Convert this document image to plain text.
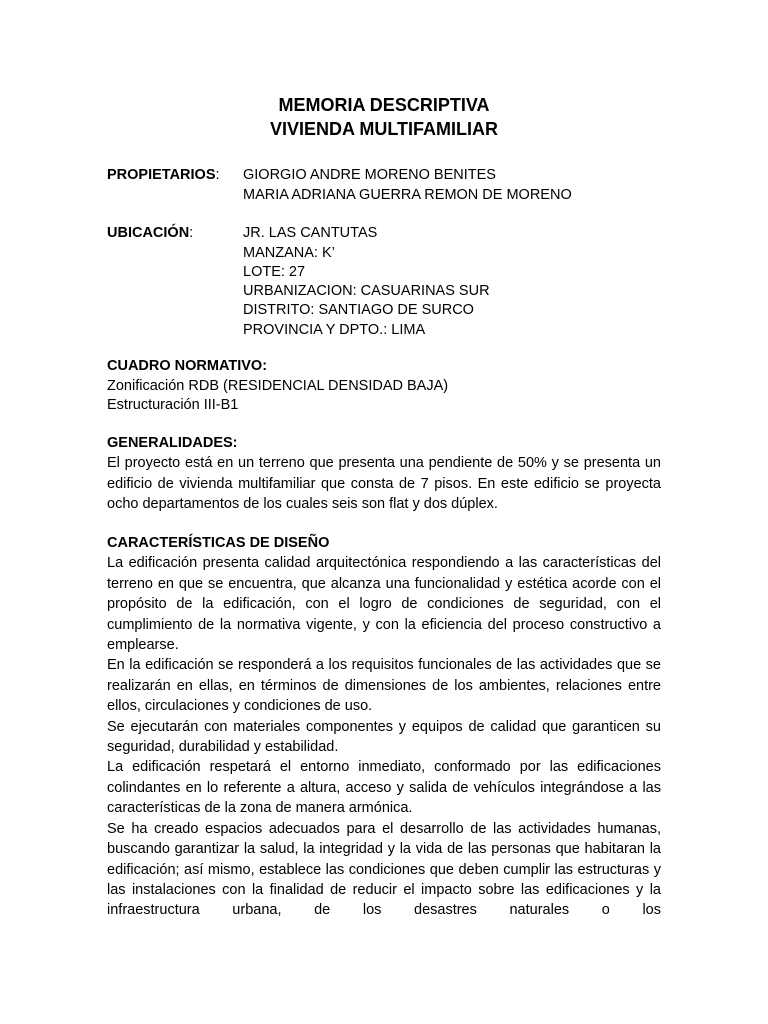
MEMORIA DESCRIPTIVA
VIVIENDA MULTIFAMILIAR
PROPIETARIOS: GIORGIO ANDRE MORENO BENITES
MARIA ADRIANA GUERRA REMON DE MORENO
UBICACIÓN:	JR. LAS CANTUTAS
MANZANA: K’
LOTE: 27
URBANIZACION: CASUARINAS SUR
DISTRITO: SANTIAGO DE SURCO
PROVINCIA Y DPTO.: LIMA
CUADRO NORMATIVO:
Zonificación RDB (RESIDENCIAL DENSIDAD BAJA)
Estructuración III-B1
GENERALIDADES:
El proyecto está en un terreno que presenta una pendiente de 50% y se presenta un edificio de vivienda multifamiliar que consta de 7 pisos. En este edificio se proyecta ocho departamentos de los cuales seis son flat y dos dúplex.
CARACTERÍSTICAS DE DISEÑO
La edificación presenta calidad arquitectónica respondiendo a las características del terreno en que se encuentra, que alcanza una funcionalidad y estética acorde con el propósito de la edificación, con el logro de condiciones de seguridad, con el cumplimiento de la normativa vigente, y con la eficiencia del proceso constructivo a emplearse.
En la edificación se responderá a los requisitos funcionales de las actividades que se realizarán en ellas, en términos de dimensiones de los ambientes, relaciones entre ellos, circulaciones y condiciones de uso.
Se ejecutarán con materiales componentes y equipos de calidad que garanticen su seguridad, durabilidad y estabilidad.
La edificación respetará el entorno inmediato, conformado por las edificaciones colindantes en lo referente a altura, acceso y salida de vehículos integrándose a las características de la zona de manera armónica.
Se ha creado espacios adecuados para el desarrollo de las actividades humanas, buscando garantizar la salud, la integridad y la vida de las personas que habitaran la edificación; así mismo, establece las condiciones que deben cumplir las estructuras y las instalaciones con la finalidad de reducir el impacto sobre las edificaciones y la infraestructura urbana, de los desastres naturales o los
